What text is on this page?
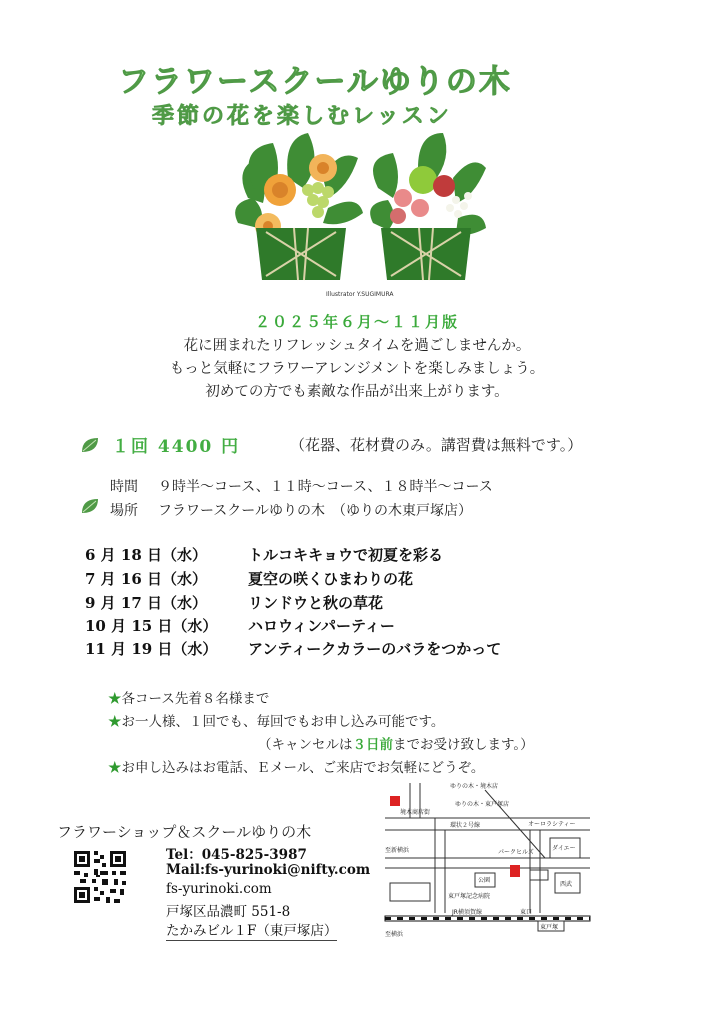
フラワースクールゆりの木
季節の花を楽しむレッスン
Illustrator Y.SUGIMURA
２０２５年６月～１１月版
花に囲まれたリフレッシュタイムを過ごしませんか。
もっと気軽にフラワーアレンジメントを楽しみましょう。
初めての方でも素敵な作品が出来上がります。
１回 4400 円	（花器、花材費のみ。講習費は無料です。）
時間 ９時半～コース、１１時～コース、１８時半～コース
場所 フラワースクールゆりの木　（ゆりの木東戸塚店）
6 月 18 日（水）	トルコキキョウで初夏を彩る
7 月 16 日（水）	夏空の咲くひまわりの花
9 月 17 日（水）	リンドウと秋の草花
10 月 15 日（水） ハロウィンパーティー
11 月 19 日（水） アンティークカラーのバラをつかって
★各コース先着８名様まで
★お一人様、１回でも、毎回でもお申し込み可能です。
（キャンセルは３日前までお受け致します。）
★お申し込みはお電話、Ｅメール、ご来店でお気軽にどうぞ。
フラワーショップ＆スクールゆりの木
Tel：045-825-3987
Mail:fs-yurinoki@nifty.com
fs-yurinoki.com
戸塚区品濃町 551-8
たかみビル１F（東戸塚店）
ゆりの木・境木店
境木商店街
ゆりの木・東戸塚店
環状２号線	オーロラシティー
至新横浜	パークヒルズ
ダイエー
公園
西武
東戸塚記念病院
JR横須賀線	東口
東戸塚
至横浜
